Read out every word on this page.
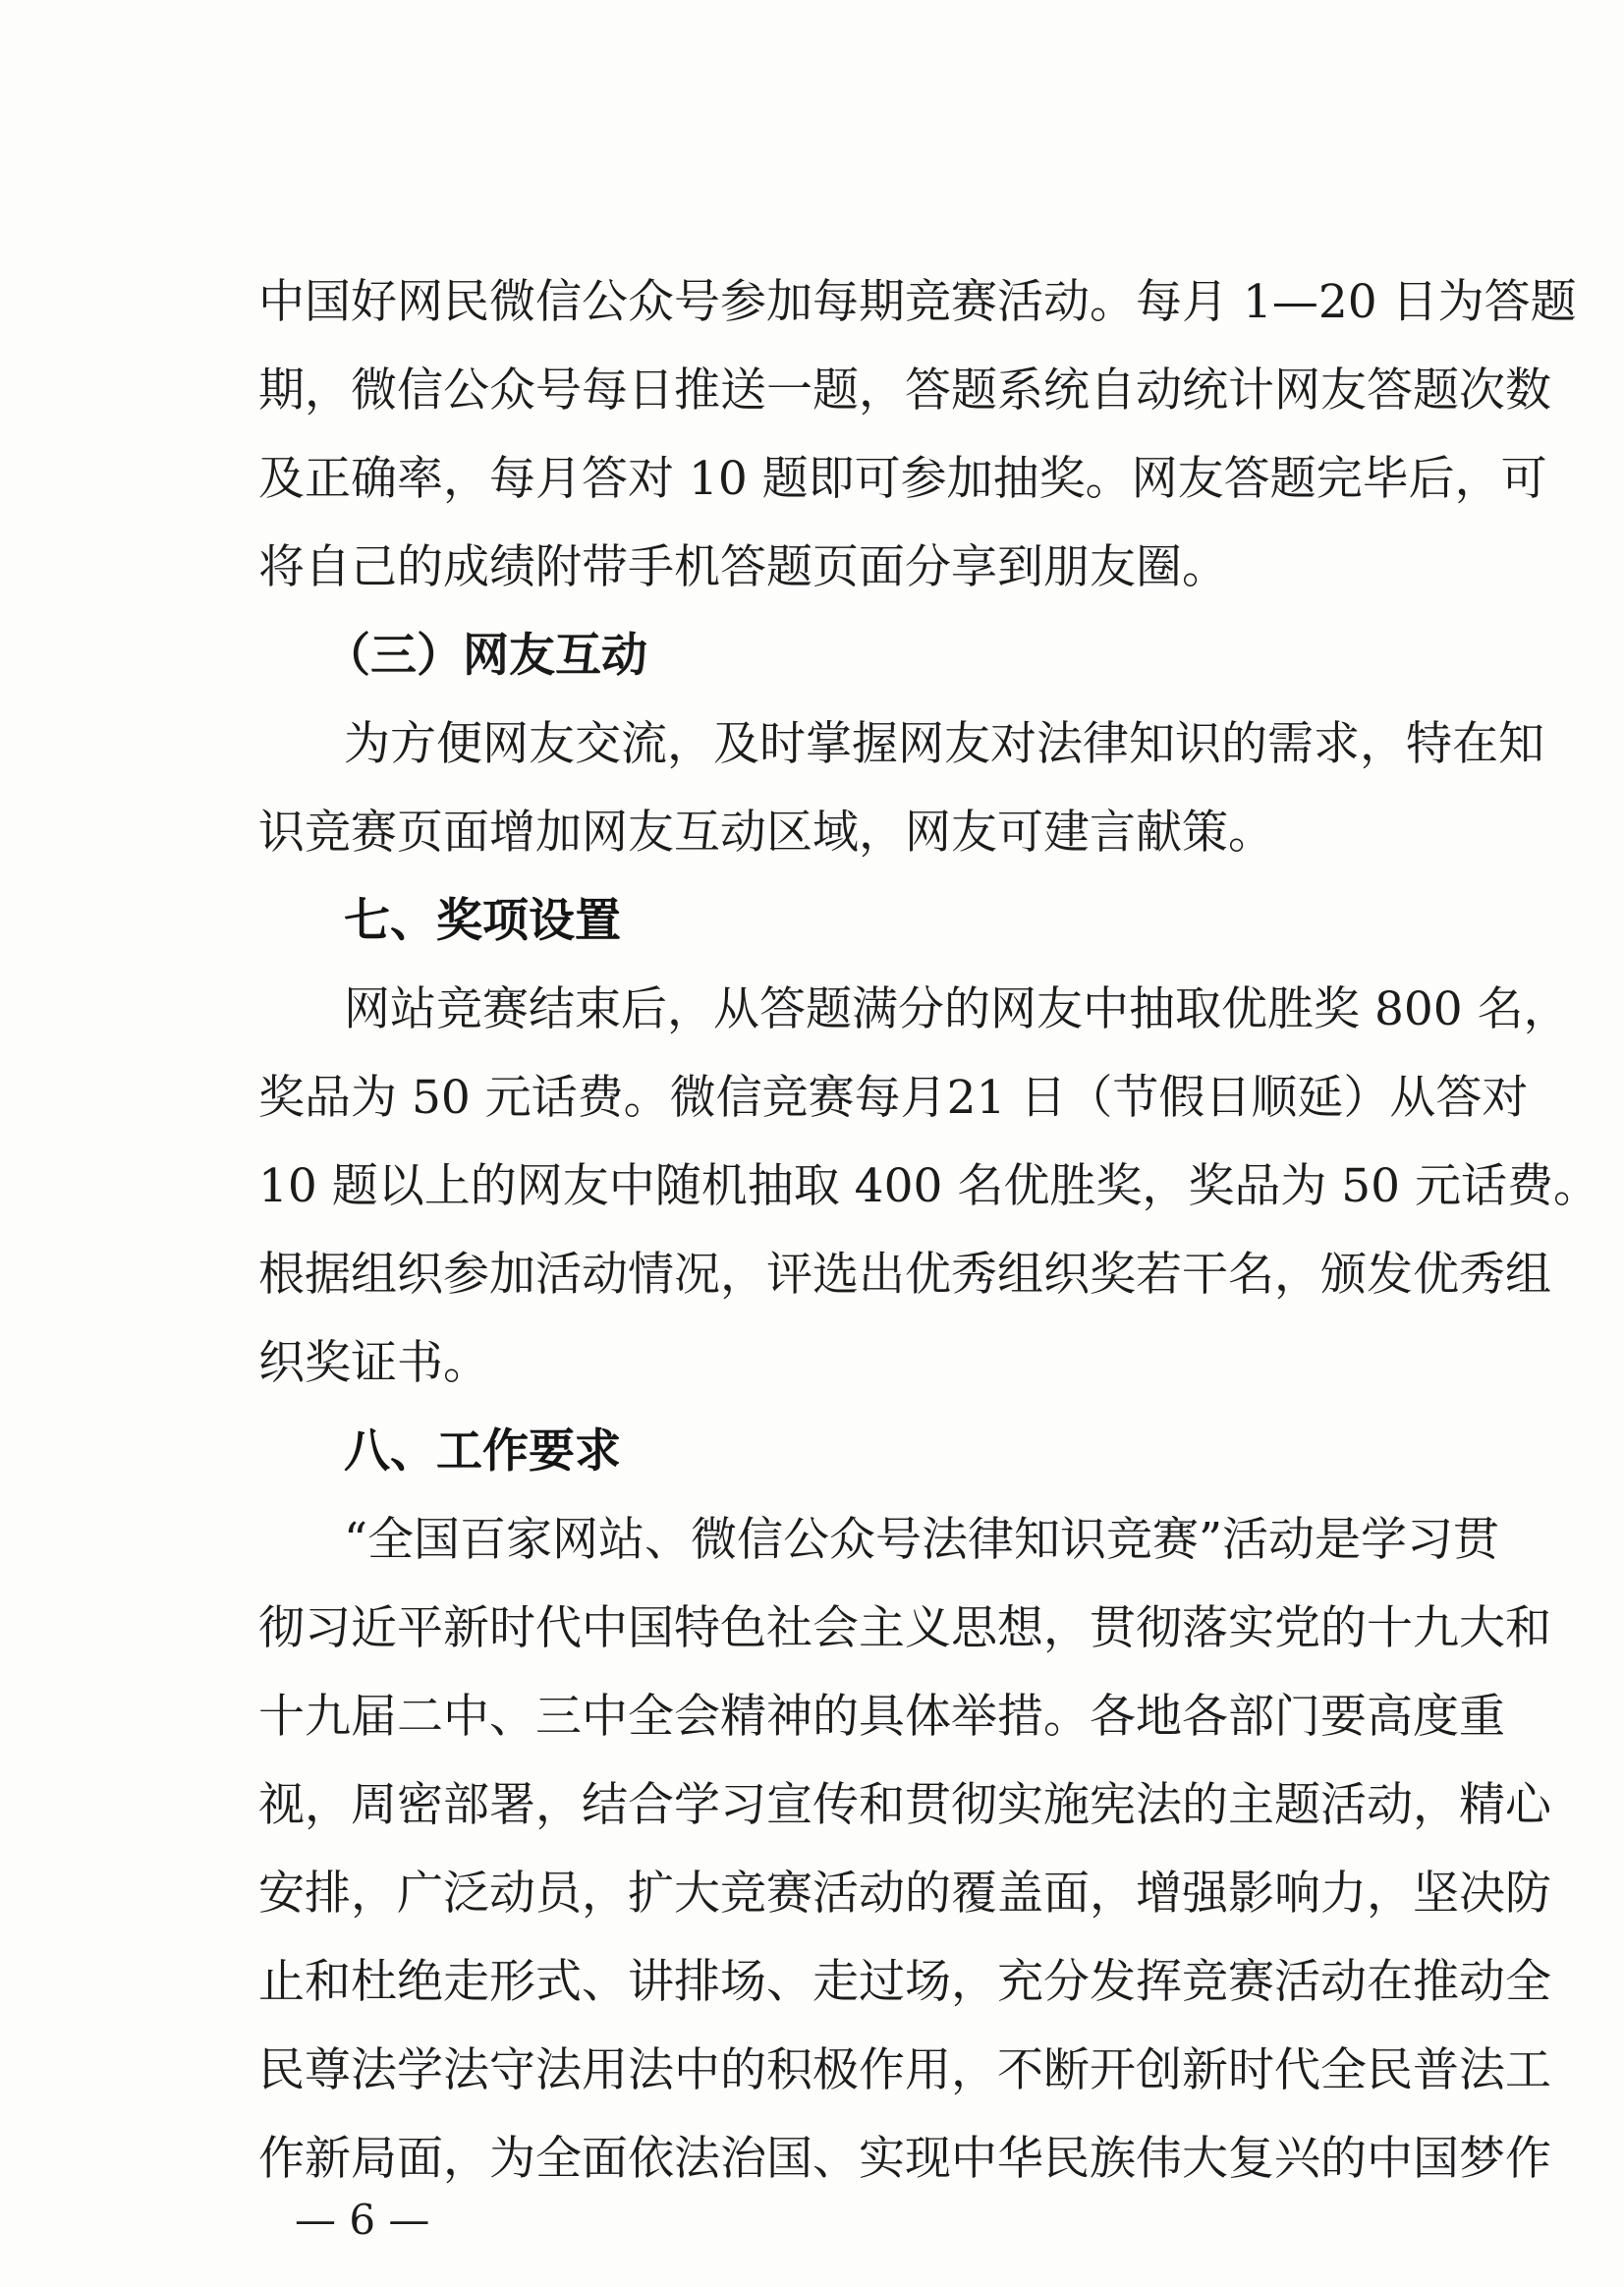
中国好网民微信公众号参加每期竞赛活动。每月 1—20 日为答题
期，微信公众号每日推送一题，答题系统自动统计网友答题次数
及正确率，每月答对 10 题即可参加抽奖。网友答题完毕后，可
将自己的成绩附带手机答题页面分享到朋友圈。
（三）网友互动
为方便网友交流，及时掌握网友对法律知识的需求，特在知
识竞赛页面增加网友互动区域，网友可建言献策。
七、奖项设置
网站竞赛结束后，从答题满分的网友中抽取优胜奖 800 名，
奖品为 50 元话费。微信竞赛每月21 日（节假日顺延）从答对
10 题以上的网友中随机抽取 400 名优胜奖，奖品为 50 元话费。
根据组织参加活动情况，评选出优秀组织奖若干名，颁发优秀组
织奖证书。
八、工作要求
“全国百家网站、微信公众号法律知识竞赛”活动是学习贯
彻习近平新时代中国特色社会主义思想，贯彻落实党的十九大和
十九届二中、三中全会精神的具体举措。各地各部门要高度重
视，周密部署，结合学习宣传和贯彻实施宪法的主题活动，精心
安排，广泛动员，扩大竞赛活动的覆盖面，增强影响力，坚决防
止和杜绝走形式、讲排场、走过场，充分发挥竞赛活动在推动全
民尊法学法守法用法中的积极作用，不断开创新时代全民普法工
作新局面，为全面依法治国、实现中华民族伟大复兴的中国梦作
— 6 —
